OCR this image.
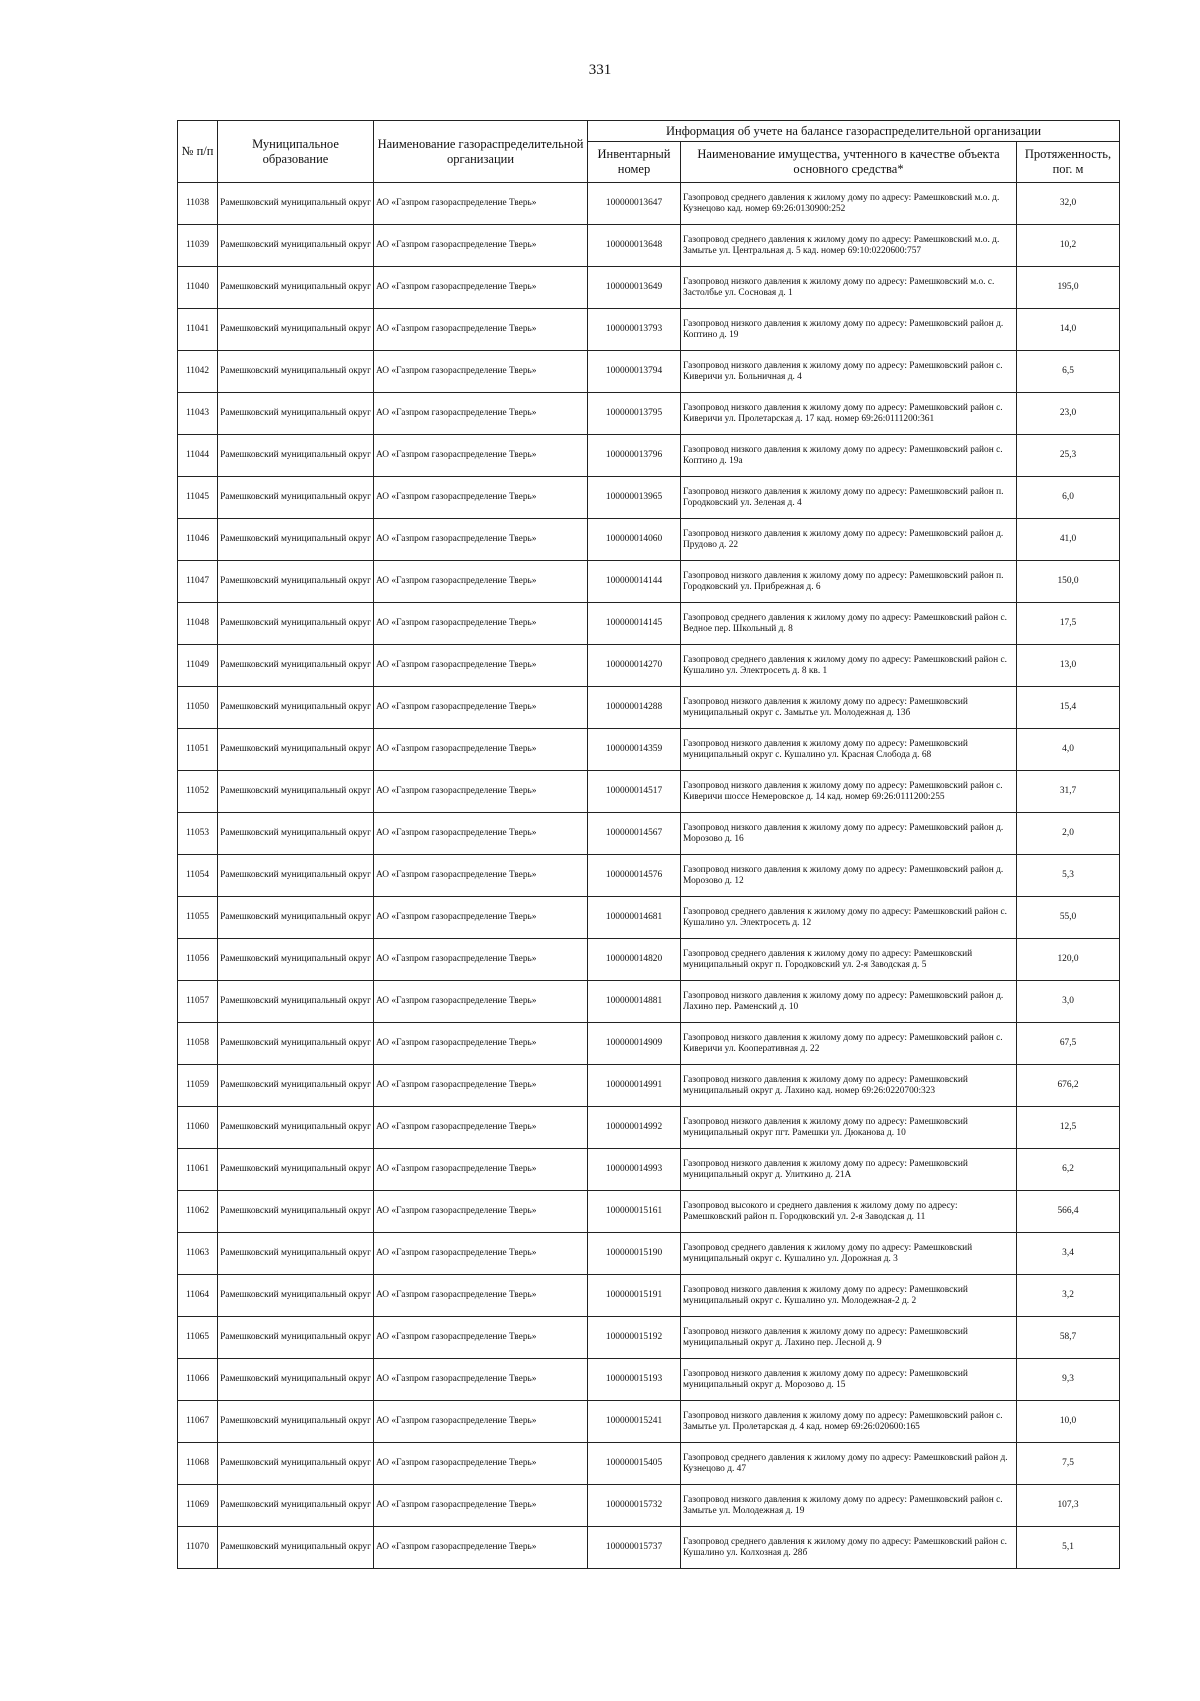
331
№ п/п	Муниципальное образование	Наименование газораспределительной организации	Информация об учете на балансе газораспределительной организации		
			Инвентарный номер	Наименование имущества, учтенного в качестве объекта основного средства*	Протяженность, пог. м
11038	Рамешковский муниципальный округ	АО «Газпром газораспределение Тверь»	100000013647	Газопровод среднего давления к жилому дому по адресу: Рамешковский м.о. д. Кузнецово кад. номер 69:26:0130900:252	32,0
11039	Рамешковский муниципальный округ	АО «Газпром газораспределение Тверь»	100000013648	Газопровод среднего давления к жилому дому по адресу: Рамешковский м.о. д. Замытье ул. Центральная д. 5 кад. номер 69:10:0220600:757	10,2
11040	Рамешковский муниципальный округ	АО «Газпром газораспределение Тверь»	100000013649	Газопровод низкого давления к жилому дому по адресу: Рамешковский м.о. с. Застолбье ул. Сосновая д. 1	195,0
11041	Рамешковский муниципальный округ	АО «Газпром газораспределение Тверь»	100000013793	Газопровод низкого давления к жилому дому по адресу: Рамешковский район д. Коптино д. 19	14,0
11042	Рамешковский муниципальный округ	АО «Газпром газораспределение Тверь»	100000013794	Газопровод низкого давления к жилому дому по адресу: Рамешковский район с. Киверичи ул. Больничная д. 4	6,5
11043	Рамешковский муниципальный округ	АО «Газпром газораспределение Тверь»	100000013795	Газопровод низкого давления к жилому дому по адресу: Рамешковский район с. Киверичи ул. Пролетарская д. 17 кад. номер 69:26:0111200:361	23,0
11044	Рамешковский муниципальный округ	АО «Газпром газораспределение Тверь»	100000013796	Газопровод низкого давления к жилому дому по адресу: Рамешковский район с. Коптино д. 19а	25,3
11045	Рамешковский муниципальный округ	АО «Газпром газораспределение Тверь»	100000013965	Газопровод низкого давления к жилому дому по адресу: Рамешковский район п. Городковский ул. Зеленая д. 4	6,0
11046	Рамешковский муниципальный округ	АО «Газпром газораспределение Тверь»	100000014060	Газопровод низкого давления к жилому дому по адресу: Рамешковский район д. Прудово д. 22	41,0
11047	Рамешковский муниципальный округ	АО «Газпром газораспределение Тверь»	100000014144	Газопровод низкого давления к жилому дому по адресу: Рамешковский район п. Городковский ул. Прибрежная д. 6	150,0
11048	Рамешковский муниципальный округ	АО «Газпром газораспределение Тверь»	100000014145	Газопровод среднего давления к жилому дому по адресу: Рамешковский район с. Ведное пер. Школьный д. 8	17,5
11049	Рамешковский муниципальный округ	АО «Газпром газораспределение Тверь»	100000014270	Газопровод среднего давления к жилому дому по адресу: Рамешковский район с. Кушалино ул. Электросеть д. 8 кв. 1	13,0
11050	Рамешковский муниципальный округ	АО «Газпром газораспределение Тверь»	100000014288	Газопровод низкого давления к жилому дому по адресу: Рамешковский муниципальный округ с. Замытье ул. Молодежная д. 13б	15,4
11051	Рамешковский муниципальный округ	АО «Газпром газораспределение Тверь»	100000014359	Газопровод низкого давления к жилому дому по адресу: Рамешковский муниципальный округ с. Кушалино ул. Красная Слобода д. 68	4,0
11052	Рамешковский муниципальный округ	АО «Газпром газораспределение Тверь»	100000014517	Газопровод низкого давления к жилому дому по адресу: Рамешковский район с. Киверичи шоссе Немеровское д. 14 кад. номер 69:26:0111200:255	31,7
11053	Рамешковский муниципальный округ	АО «Газпром газораспределение Тверь»	100000014567	Газопровод низкого давления к жилому дому по адресу: Рамешковский район д. Морозово д. 16	2,0
11054	Рамешковский муниципальный округ	АО «Газпром газораспределение Тверь»	100000014576	Газопровод низкого давления к жилому дому по адресу: Рамешковский район д. Морозово д. 12	5,3
11055	Рамешковский муниципальный округ	АО «Газпром газораспределение Тверь»	100000014681	Газопровод среднего давления к жилому дому по адресу: Рамешковский район с. Кушалино ул. Электросеть д. 12	55,0
11056	Рамешковский муниципальный округ	АО «Газпром газораспределение Тверь»	100000014820	Газопровод среднего давления к жилому дому по адресу: Рамешковский муниципальный округ п. Городковский ул. 2-я Заводская д. 5	120,0
11057	Рамешковский муниципальный округ	АО «Газпром газораспределение Тверь»	100000014881	Газопровод низкого давления к жилому дому по адресу: Рамешковский район д. Лахино пер. Раменский д. 10	3,0
11058	Рамешковский муниципальный округ	АО «Газпром газораспределение Тверь»	100000014909	Газопровод низкого давления к жилому дому по адресу: Рамешковский район с. Киверичи ул. Кооперативная д. 22	67,5
11059	Рамешковский муниципальный округ	АО «Газпром газораспределение Тверь»	100000014991	Газопровод низкого давления к жилому дому по адресу: Рамешковский муниципальный округ д. Лахино кад. номер 69:26:0220700:323	676,2
11060	Рамешковский муниципальный округ	АО «Газпром газораспределение Тверь»	100000014992	Газопровод низкого давления к жилому дому по адресу: Рамешковский муниципальный округ пгт. Рамешки ул. Дюканова д. 10	12,5
11061	Рамешковский муниципальный округ	АО «Газпром газораспределение Тверь»	100000014993	Газопровод низкого давления к жилому дому по адресу: Рамешковский муниципальный округ д. Улиткино д. 21А	6,2
11062	Рамешковский муниципальный округ	АО «Газпром газораспределение Тверь»	100000015161	Газопровод высокого и среднего давления к жилому дому по адресу: Рамешковский район п. Городковский ул. 2-я Заводская д. 11	566,4
11063	Рамешковский муниципальный округ	АО «Газпром газораспределение Тверь»	100000015190	Газопровод среднего давления к жилому дому по адресу: Рамешковский муниципальный округ с. Кушалино ул. Дорожная д. 3	3,4
11064	Рамешковский муниципальный округ	АО «Газпром газораспределение Тверь»	100000015191	Газопровод низкого давления к жилому дому по адресу: Рамешковский муниципальный округ с. Кушалино ул. Молодежная-2 д. 2	3,2
11065	Рамешковский муниципальный округ	АО «Газпром газораспределение Тверь»	100000015192	Газопровод низкого давления к жилому дому по адресу: Рамешковский муниципальный округ д. Лахино пер. Лесной д. 9	58,7
11066	Рамешковский муниципальный округ	АО «Газпром газораспределение Тверь»	100000015193	Газопровод низкого давления к жилому дому по адресу: Рамешковский муниципальный округ д. Морозово д. 15	9,3
11067	Рамешковский муниципальный округ	АО «Газпром газораспределение Тверь»	100000015241	Газопровод низкого давления к жилому дому по адресу: Рамешковский район с. Замытье ул. Пролетарская д. 4 кад. номер 69:26:020600:165	10,0
11068	Рамешковский муниципальный округ	АО «Газпром газораспределение Тверь»	100000015405	Газопровод среднего давления к жилому дому по адресу: Рамешковский район д. Кузнецово д. 47	7,5
11069	Рамешковский муниципальный округ	АО «Газпром газораспределение Тверь»	100000015732	Газопровод низкого давления к жилому дому по адресу: Рамешковский район с. Замытье ул. Молодежная д. 19	107,3
11070	Рамешковский муниципальный округ	АО «Газпром газораспределение Тверь»	100000015737	Газопровод среднего давления к жилому дому по адресу: Рамешковский район с. Кушалино ул. Колхозная д. 28б	5,1
